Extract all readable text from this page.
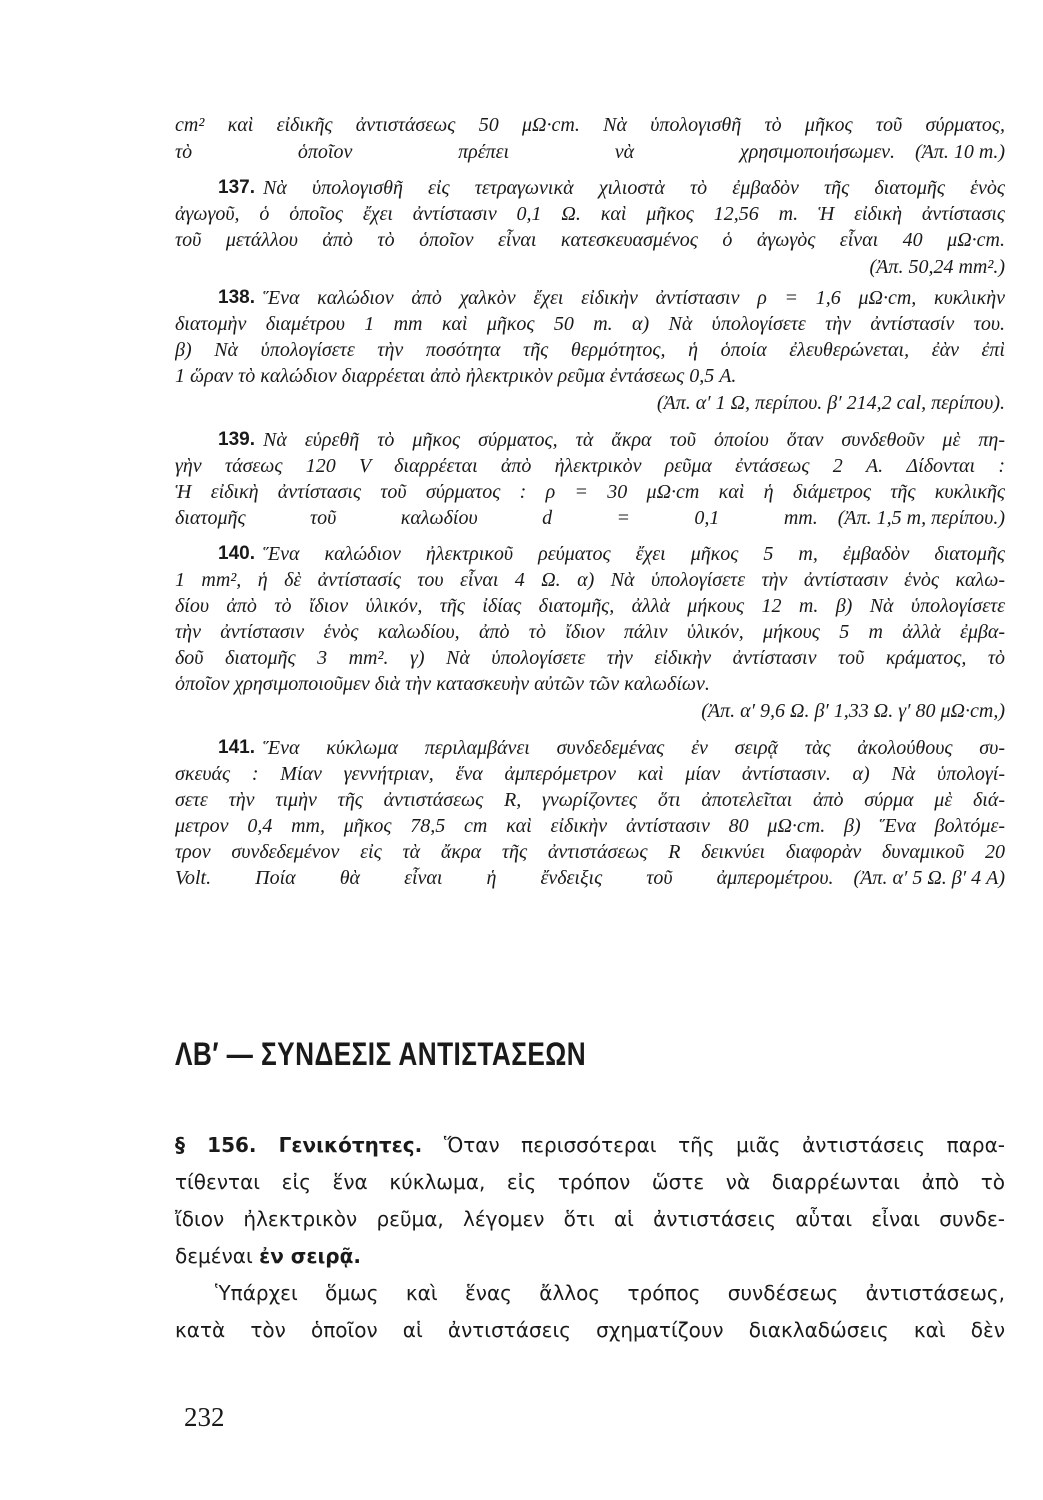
cm² καὶ εἰδικῆς ἀντιστάσεως 50 μΩ·cm. Νὰ ὑπολογισθῆ τὸ μῆκος τοῦ σύρματος,
τὸ ὁποῖον πρέπει νὰ χρησιμοποιήσωμεν. (Ἀπ. 10 m.)
137. Νὰ ὑπολογισθῆ εἰς τετραγωνικὰ χιλιοστὰ τὸ ἐμβαδὸν τῆς διατομῆς ἑνὸς
ἀγωγοῦ, ὁ ὁποῖος ἔχει ἀντίστασιν 0,1 Ω. καὶ μῆκος 12,56 m. Ἡ εἰδικὴ ἀντίστασις
τοῦ μετάλλου ἀπὸ τὸ ὁποῖον εἶναι κατεσκευασμένος ὁ ἀγωγὸς εἶναι 40 μΩ·cm.
(Ἀπ. 50,24 mm².)
138. Ἕνα καλώδιον ἀπὸ χαλκὸν ἔχει εἰδικὴν ἀντίστασιν ρ = 1,6 μΩ·cm, κυκλικὴν
διατομὴν διαμέτρου 1 mm καὶ μῆκος 50 m. α) Νὰ ὑπολογίσετε τὴν ἀντίστασίν του.
β) Νὰ ὑπολογίσετε τὴν ποσότητα τῆς θερμότητος, ἡ ὁποία ἐλευθερώνεται, ἐὰν ἐπὶ
1 ὥραν τὸ καλώδιον διαρρέεται ἀπὸ ἠλεκτρικὸν ρεῦμα ἐντάσεως 0,5 A.
(Ἀπ. α′ 1 Ω, περίπου. β′ 214,2 cal, περίπου).
139. Νὰ εὑρεθῆ τὸ μῆκος σύρματος, τὰ ἄκρα τοῦ ὁποίου ὅταν συνδεθοῦν μὲ πη-
γὴν τάσεως 120 V διαρρέεται ἀπὸ ἠλεκτρικὸν ρεῦμα ἐντάσεως 2 A. Δίδονται :
Ἡ εἰδικὴ ἀντίστασις τοῦ σύρματος : ρ = 30 μΩ·cm καὶ ἡ διάμετρος τῆς κυκλικῆς
διατομῆς τοῦ καλωδίου d = 0,1 mm. (Ἀπ. 1,5 m, περίπου.)
140. Ἕνα καλώδιον ἠλεκτρικοῦ ρεύματος ἔχει μῆκος 5 m, ἐμβαδὸν διατομῆς
1 mm², ἡ δὲ ἀντίστασίς του εἶναι 4 Ω. α) Νὰ ὑπολογίσετε τὴν ἀντίστασιν ἑνὸς καλω-
δίου ἀπὸ τὸ ἴδιον ὑλικόν, τῆς ἰδίας διατομῆς, ἀλλὰ μήκους 12 m. β) Νὰ ὑπολογίσετε
τὴν ἀντίστασιν ἑνὸς καλωδίου, ἀπὸ τὸ ἴδιον πάλιν ὑλικόν, μήκους 5 m ἀλλὰ ἐμβα-
δοῦ διατομῆς 3 mm². γ) Νὰ ὑπολογίσετε τὴν εἰδικὴν ἀντίστασιν τοῦ κράματος, τὸ
ὁποῖον χρησιμοποιοῦμεν διὰ τὴν κατασκευὴν αὐτῶν τῶν καλωδίων.
(Ἀπ. α′ 9,6 Ω. β′ 1,33 Ω. γ′ 80 μΩ·cm,)
141. Ἕνα κύκλωμα περιλαμβάνει συνδεδεμένας ἐν σειρᾷ τὰς ἀκολούθους συ-
σκευάς : Μίαν γεννήτριαν, ἕνα ἀμπερόμετρον καὶ μίαν ἀντίστασιν. α) Νὰ ὑπολογί-
σετε τὴν τιμὴν τῆς ἀντιστάσεως R, γνωρίζοντες ὅτι ἀποτελεῖται ἀπὸ σύρμα μὲ διά-
μετρον 0,4 mm, μῆκος 78,5 cm καὶ εἰδικὴν ἀντίστασιν 80 μΩ·cm. β) Ἕνα βολτόμε-
τρον συνδεδεμένον εἰς τὰ ἄκρα τῆς ἀντιστάσεως R δεικνύει διαφορὰν δυναμικοῦ 20
Volt. Ποία θὰ εἶναι ἡ ἔνδειξις τοῦ ἀμπερομέτρου. (Ἀπ. α′ 5 Ω. β′ 4 A)
ΛΒ′ — ΣΥΝΔΕΣΙΣ ΑΝΤΙΣΤΑΣΕΩΝ
§ 156. Γενικότητες. Ὅταν περισσότεραι τῆς μιᾶς ἀντιστάσεις παρα-
τίθενται εἰς ἕνα κύκλωμα, εἰς τρόπον ὥστε νὰ διαρρέωνται ἀπὸ τὸ
ἴδιον ἠλεκτρικὸν ρεῦμα, λέγομεν ὅτι αἱ ἀντιστάσεις αὗται εἶναι συνδε-
δεμέναι ἐν σειρᾷ.
Ὑπάρχει ὅμως καὶ ἕνας ἄλλος τρόπος συνδέσεως ἀντιστάσεως,
κατὰ τὸν ὁποῖον αἱ ἀντιστάσεις σχηματίζουν διακλαδώσεις καὶ δὲν
232
